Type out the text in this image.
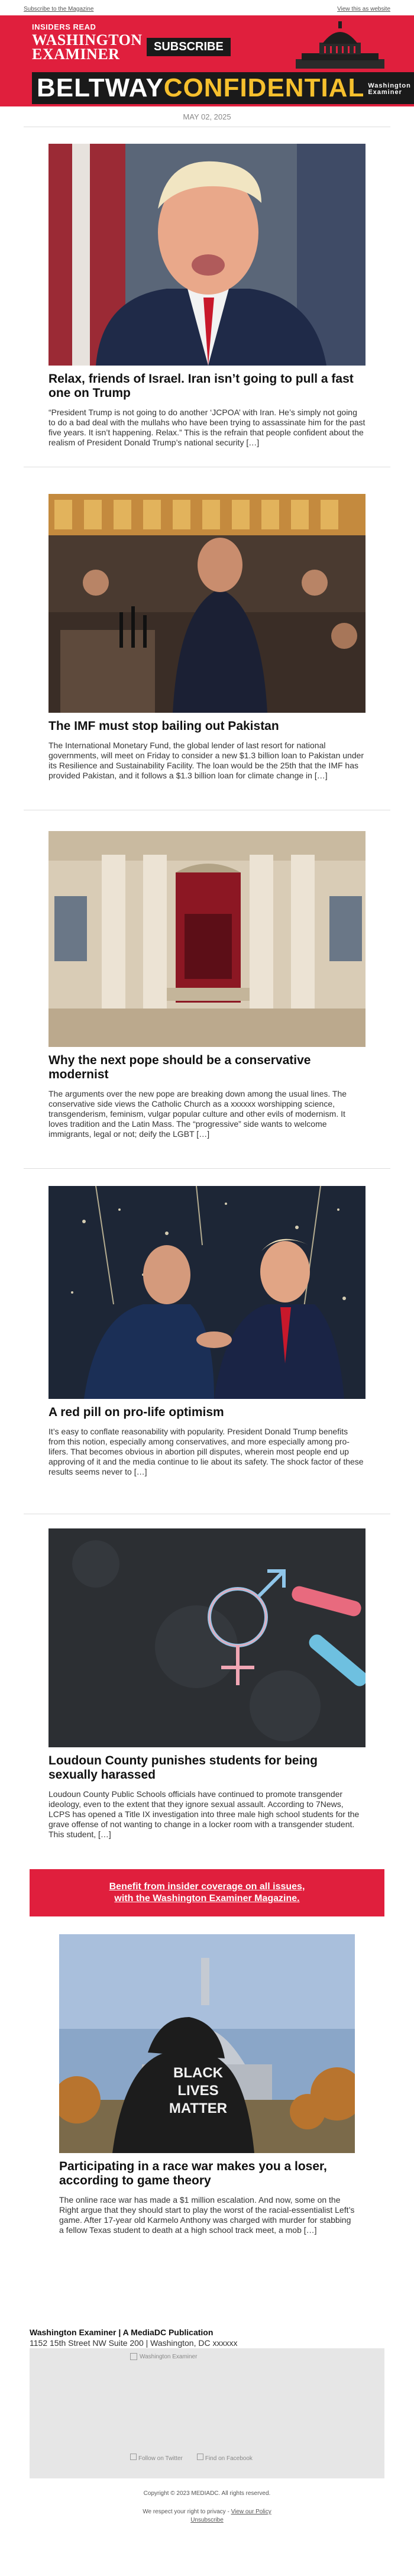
Subscribe to the Magazine	View this as website
INSIDERS READ
WASHINGTON
EXAMINER	SUBSCRIBE
BELTWAYCONFIDENTIAL Washington
Examiner
MAY 02, 2025
Relax, friends of Israel. Iran isn’t going to pull a fast one on Trump

“President Trump is not going to do another ‘JCPOA’ with Iran. He’s simply not going to do a bad deal with the mullahs who have been trying to assassinate him for the past five years. It isn’t happening. Relax.” This is the refrain that people confident about the realism of President Donald Trump’s national security […]

The IMF must stop bailing out Pakistan

The International Monetary Fund, the global lender of last resort for national governments, will meet on Friday to consider a new $1.3 billion loan to Pakistan under its Resilience and Sustainability Facility. The loan would be the 25th that the IMF has provided Pakistan, and it follows a $1.3 billion loan for climate change in […]

Why the next pope should be a conservative modernist

The arguments over the new pope are breaking down among the usual lines. The conservative side views the Catholic Church as a xxxxxx worshipping science, transgenderism, feminism, vulgar popular culture and other evils of modernism. It loves tradition and the Latin Mass. The “progressive” side wants to welcome immigrants, legal or not; deify the LGBT […]

A red pill on pro-life optimism

It’s easy to conflate reasonability with popularity. President Donald Trump benefits from this notion, especially among conservatives, and more especially among pro-lifers. That becomes obvious in abortion pill disputes, wherein most people end up approving of it and the media continue to lie about its safety. The shock factor of these results seems never to […]

Loudoun County punishes students for being sexually harassed

Loudoun County Public Schools officials have continued to promote transgender ideology, even to the extent that they ignore sexual assault. According to 7News, LCPS has opened a Title IX investigation into three male high school students for the grave offense of not wanting to change in a locker room with a transgender student. This student, […]

Benefit from insider coverage on all issues,
with the Washington Examiner Magazine.
BLACK
LIVES
MATTER
Participating in a race war makes you a loser, according to game theory

The online race war has made a $1 million escalation. And now, some on the Right argue that they should start to play the worst of the racial-essentialist Left’s game. After 17-year old Karmelo Anthony was charged with murder for stabbing a fellow Texas student to death at a high school track meet, a mob […]

Washington Examiner | A MediaDC Publication
1152 15th Street NW Suite 200 | Washington, DC xxxxxx
Washington Examiner
Follow on Twitter	Find on Facebook
Copyright © 2023 MEDIADC. All rights reserved.
We respect your right to privacy - View our Policy
Unsubscribe
